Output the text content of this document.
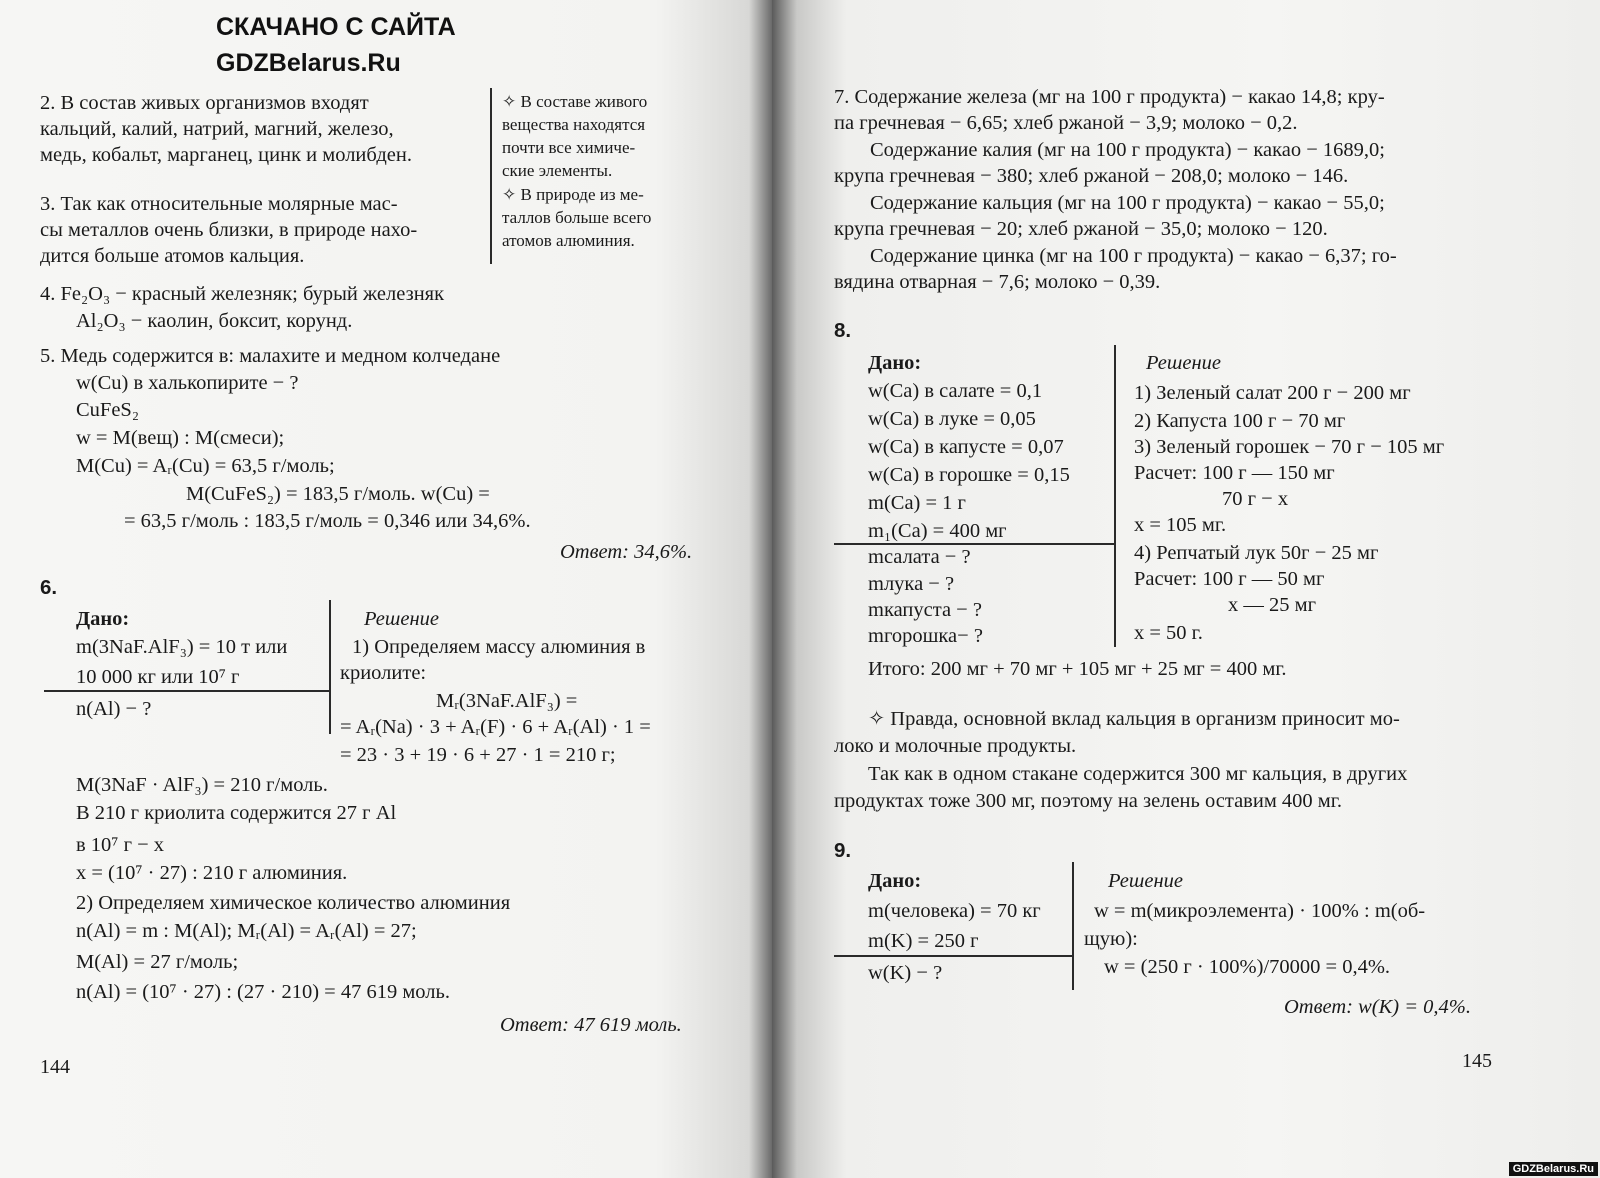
СКАЧАНО С САЙТА
GDZBelarus.Ru
2. В состав живых организмов входят
кальций, калий, натрий, магний, железо,
медь, кобальт, марганец, цинк и молибден.
✧ В составе живого
вещества находятся
почти все химиче-
ские элементы.
✧ В природе из ме-
таллов больше всего
атомов алюминия.
3. Так как относительные молярные мас-
сы металлов очень близки, в природе нахо-
дится больше атомов кальция.
4. Fe₂O₃ − красный железняк; бурый железняк
Al₂O₃ − каолин, боксит, корунд.
5. Медь содержится в: малахите и медном колчедане
w(Cu) в халькопирите − ?
CuFeS₂
w = M(вещ) : M(смеси);
M(Cu) = Aᵣ(Cu) = 63,5 г/моль;
M(CuFeS₂) = 183,5 г/моль. w(Cu) =
= 63,5 г/моль : 183,5 г/моль = 0,346 или 34,6%.
Ответ: 34,6%.
6.
Дано:
m(3NaF.AlF₃) = 10 т или
10 000 кг или 10⁷ г
n(Al) − ?
Решение
1) Определяем массу алюминия в
криолите:
Mᵣ(3NaF.AlF₃) =
= Aᵣ(Na) · 3 + Aᵣ(F) · 6 + Aᵣ(Al) · 1 =
= 23 · 3 + 19 · 6 + 27 · 1 = 210 г;
M(3NaF · AlF₃) = 210 г/моль.
В 210 г криолита содержится 27 г Al
в 10⁷ г − x
x = (10⁷ · 27) : 210 г алюминия.
2) Определяем химическое количество алюминия
n(Al) = m : M(Al); Mᵣ(Al) = Aᵣ(Al) = 27;
M(Al) = 27 г/моль;
n(Al) = (10⁷ · 27) : (27 · 210) = 47 619 моль.
Ответ: 47 619 моль.
144
7. Содержание железа (мг на 100 г продукта) − какао 14,8; кру-
па гречневая − 6,65; хлеб ржаной − 3,9; молоко − 0,2.
Содержание калия (мг на 100 г продукта) − какао − 1689,0;
крупа гречневая − 380; хлеб ржаной − 208,0; молоко − 146.
Содержание кальция (мг на 100 г продукта) − какао − 55,0;
крупа гречневая − 20; хлеб ржаной − 35,0; молоко − 120.
Содержание цинка (мг на 100 г продукта) − какао − 6,37; го-
вядина отварная − 7,6; молоко − 0,39.
8.
Дано:
w(Ca) в салате = 0,1
w(Ca) в луке = 0,05
w(Ca) в капусте = 0,07
w(Ca) в горошке = 0,15
m(Ca) = 1 г
m₁(Ca) = 400 мг
mсалата − ?
mлука − ?
mкапуста − ?
mгорошка− ?
Решение
1) Зеленый салат 200 г − 200 мг
2) Капуста 100 г − 70 мг
3) Зеленый горошек − 70 г − 105 мг
Расчет: 100 г — 150 мг
70 г − x
x = 105 мг.
4) Репчатый лук 50г − 25 мг
Расчет: 100 г — 50 мг
x — 25 мг
x = 50 г.
Итого: 200 мг + 70 мг + 105 мг + 25 мг = 400 мг.
✧ Правда, основной вклад кальция в организм приносит мо-
локо и молочные продукты.
Так как в одном стакане содержится 300 мг кальция, в других
продуктах тоже 300 мг, поэтому на зелень оставим 400 мг.
9.
Дано:
m(человека) = 70 кг
m(K) = 250 г
w(K) − ?
Решение
w = m(микроэлемента) · 100% : m(об-
щую):
w = (250 г · 100%)/70000 = 0,4%.
Ответ: w(K) = 0,4%.
145
GDZBelarus.Ru
